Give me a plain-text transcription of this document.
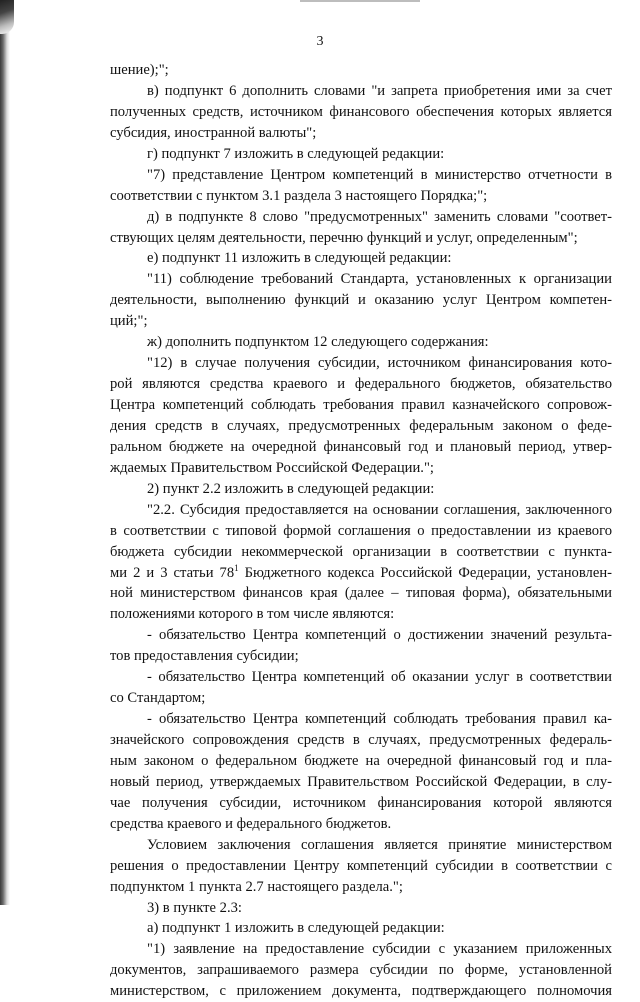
3
шение);";
в) подпункт 6 дополнить словами "и запрета приобретения ими за счет
полученных средств, источником финансового обеспечения которых является
субсидия, иностранной валюты";
г) подпункт 7 изложить в следующей редакции:
"7) представление Центром компетенций в министерство отчетности в
соответствии с пунктом 3.1 раздела 3 настоящего Порядка;";
д) в подпункте 8 слово "предусмотренных" заменить словами "соответ-
ствующих целям деятельности, перечню функций и услуг, определенным";
е) подпункт 11 изложить в следующей редакции:
"11) соблюдение требований Стандарта, установленных к организации
деятельности, выполнению функций и оказанию услуг Центром компетен-
ций;";
ж) дополнить подпунктом 12 следующего содержания:
"12) в случае получения субсидии, источником финансирования кото-
рой являются средства краевого и федерального бюджетов, обязательство
Центра компетенций соблюдать требования правил казначейского сопровож-
дения средств в случаях, предусмотренных федеральным законом о феде-
ральном бюджете на очередной финансовый год и плановый период, утвер-
ждаемых Правительством Российской Федерации.";
2) пункт 2.2 изложить в следующей редакции:
"2.2. Субсидия предоставляется на основании соглашения, заключенного
в соответствии с типовой формой соглашения о предоставлении из краевого
бюджета субсидии некоммерческой организации в соответствии с пункта-
ми 2 и 3 статьи $78^1$ Бюджетного кодекса Российской Федерации, установлен-
ной министерством финансов края (далее – типовая форма), обязательными
положениями которого в том числе являются:
- обязательство Центра компетенций о достижении значений результа-
тов предоставления субсидии;
- обязательство Центра компетенций об оказании услуг в соответствии
со Стандартом;
- обязательство Центра компетенций соблюдать требования правил ка-
значейского сопровождения средств в случаях, предусмотренных федераль-
ным законом о федеральном бюджете на очередной финансовый год и пла-
новый период, утверждаемых Правительством Российской Федерации, в слу-
чае получения субсидии, источником финансирования которой являются
средства краевого и федерального бюджетов.
Условием заключения соглашения является принятие министерством
решения о предоставлении Центру компетенций субсидии в соответствии с
подпунктом 1 пункта 2.7 настоящего раздела.";
3) в пункте 2.3:
а) подпункт 1 изложить в следующей редакции:
"1) заявление на предоставление субсидии с указанием приложенных
документов, запрашиваемого размера субсидии по форме, установленной
министерством, с приложением документа, подтверждающего полномочия
